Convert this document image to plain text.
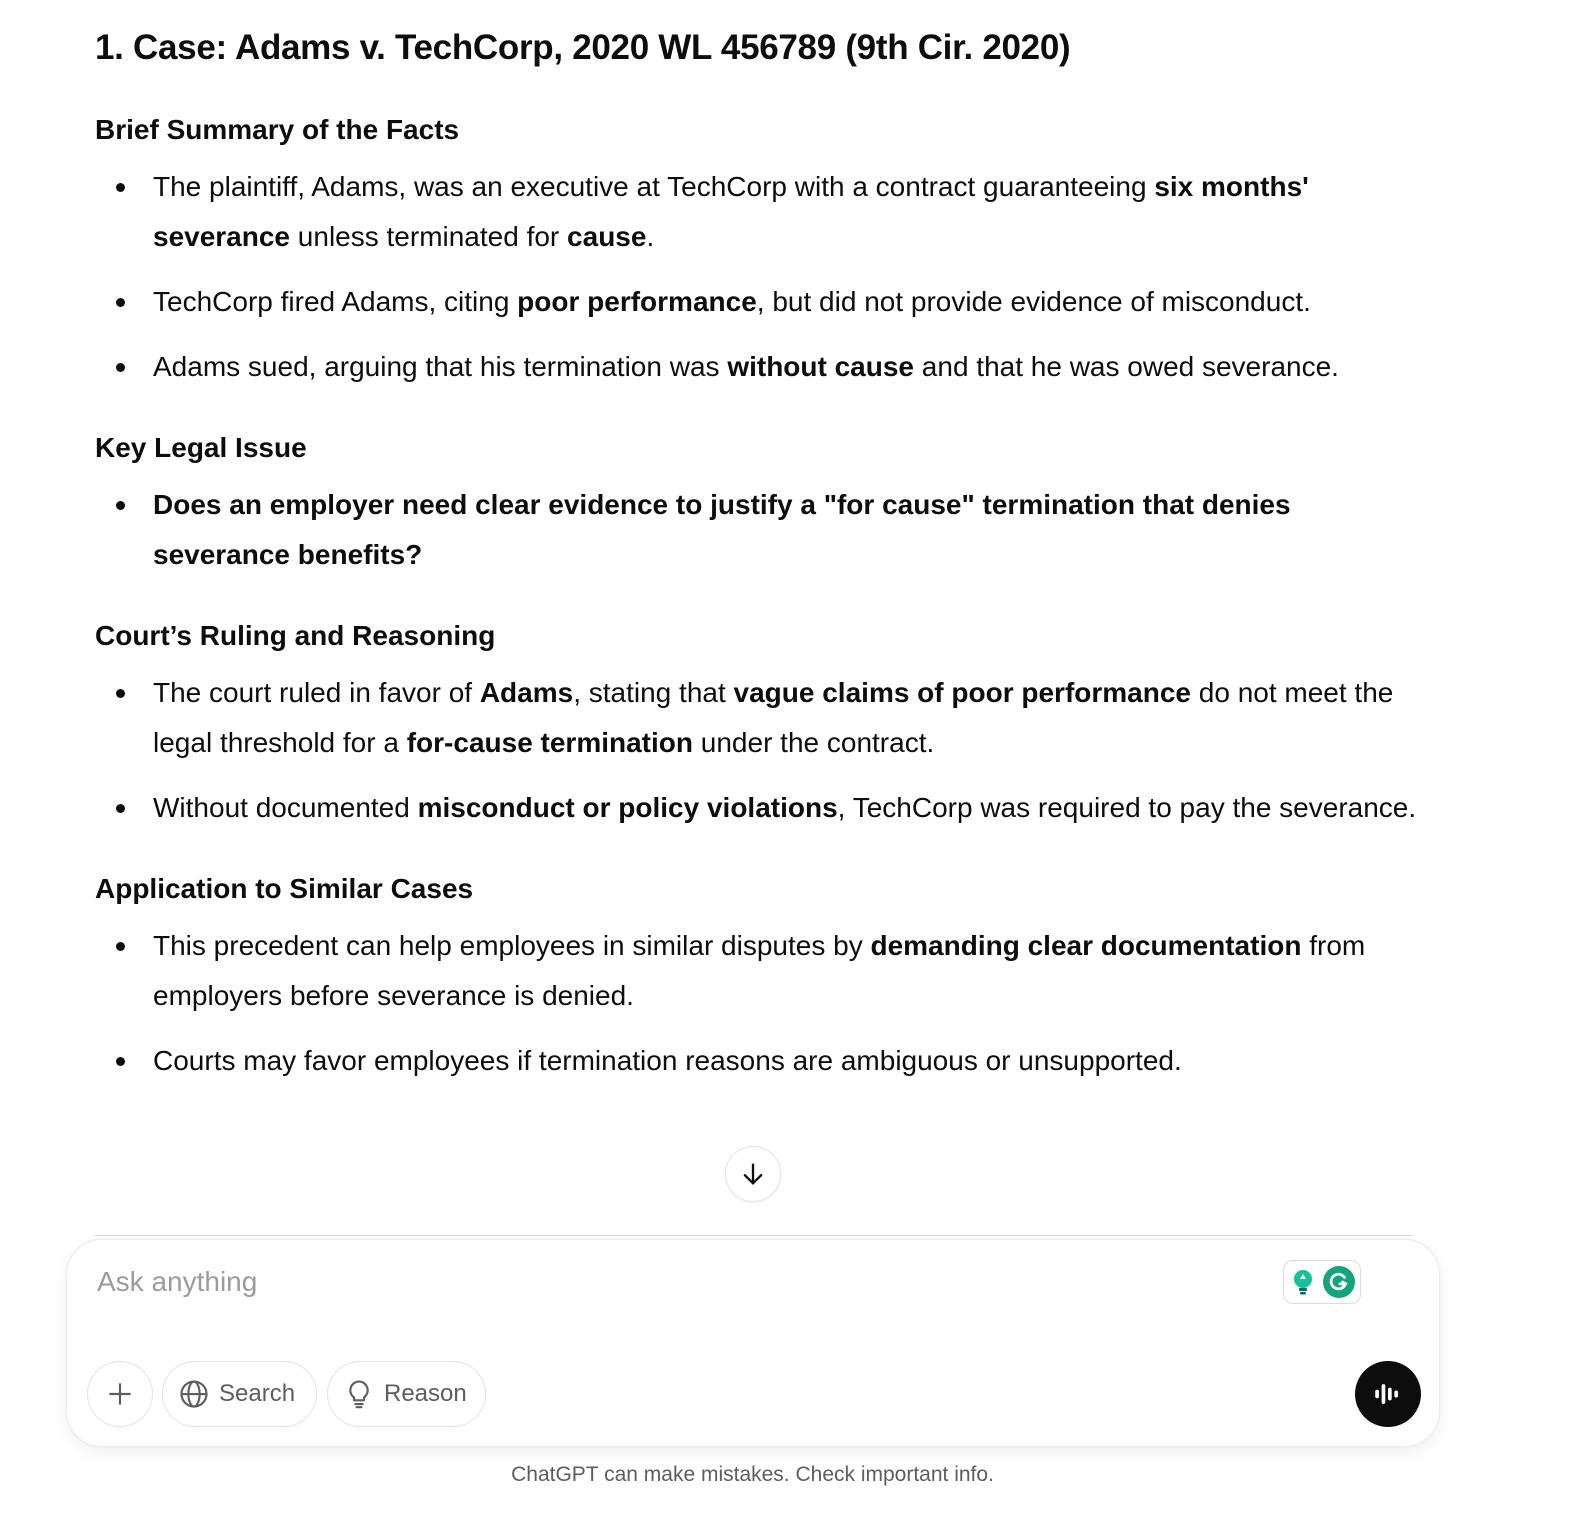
1. Case: Adams v. TechCorp, 2020 WL 456789 (9th Cir. 2020)
Brief Summary of the Facts
The plaintiff, Adams, was an executive at TechCorp with a contract guaranteeing six months' severance unless terminated for cause.
TechCorp fired Adams, citing poor performance, but did not provide evidence of misconduct.
Adams sued, arguing that his termination was without cause and that he was owed severance.
Key Legal Issue
Does an employer need clear evidence to justify a "for cause" termination that denies severance benefits?
Court’s Ruling and Reasoning
The court ruled in favor of Adams, stating that vague claims of poor performance do not meet the legal threshold for a for-cause termination under the contract.
Without documented misconduct or policy violations, TechCorp was required to pay the severance.
Application to Similar Cases
This precedent can help employees in similar disputes by demanding clear documentation from employers before severance is denied.
Courts may favor employees if termination reasons are ambiguous or unsupported.
Ask anything
Search	Reason
ChatGPT can make mistakes. Check important info.
